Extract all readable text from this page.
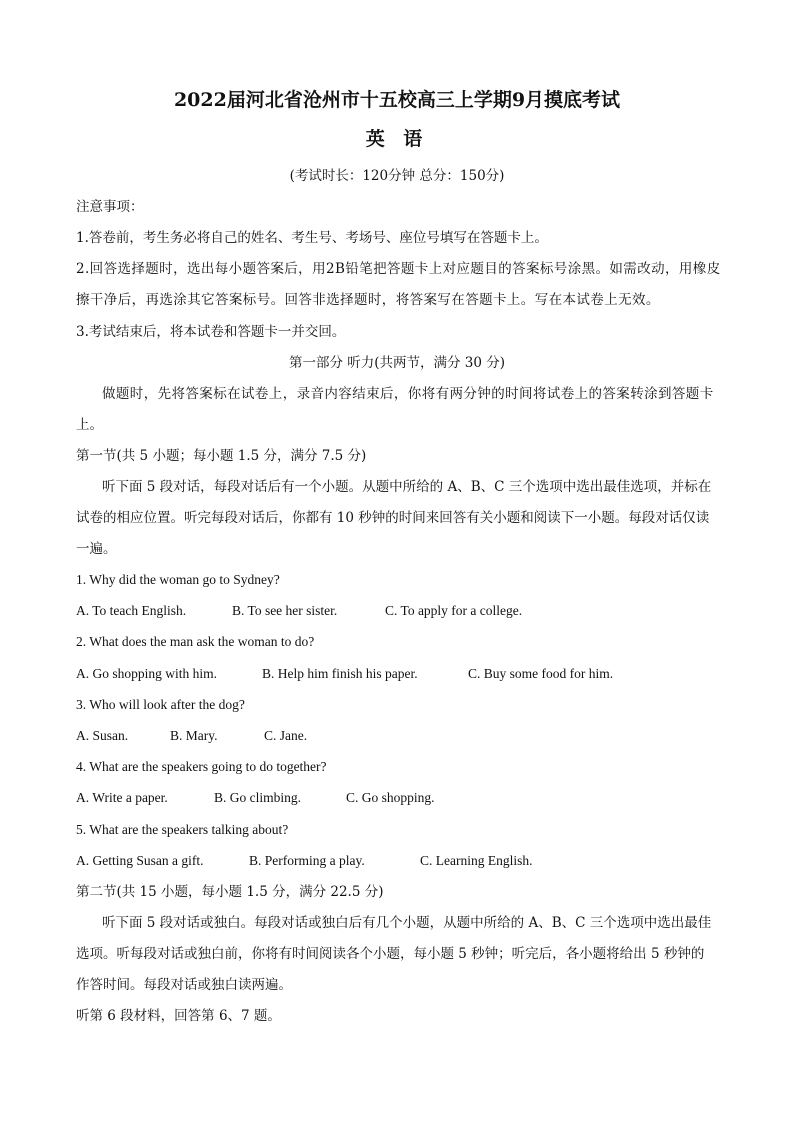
2022届河北省沧州市十五校高三上学期9月摸底考试
英 语
(考试时长：120分钟 总分：150分)
注意事项：
1.答卷前，考生务必将自己的姓名、考生号、考场号、座位号填写在答题卡上。
2.回答选择题时，选出每小题答案后，用2B铅笔把答题卡上对应题目的答案标号涂黑。如需改动，用橡皮
擦干净后，再选涂其它答案标号。回答非选择题时，将答案写在答题卡上。写在本试卷上无效。
3.考试结束后，将本试卷和答题卡一并交回。
第一部分 听力(共两节，满分 30 分)
做题时，先将答案标在试卷上，录音内容结束后，你将有两分钟的时间将试卷上的答案转涂到答题卡
上。
第一节(共 5 小题；每小题 1.5 分，满分 7.5 分)
听下面 5 段对话，每段对话后有一个小题。从题中所给的 A、B、C 三个选项中选出最佳选项，并标在
试卷的相应位置。听完每段对话后，你都有 10 秒钟的时间来回答有关小题和阅读下一小题。每段对话仅读
一遍。
1. Why did the woman go to Sydney?
A. To teach English.	B. To see her sister.	C. To apply for a college.
2. What does the man ask the woman to do?
A. Go shopping with him.	B. Help him finish his paper.	C. Buy some food for him.
3. Who will look after the dog?
A. Susan.	B. Mary.	C. Jane.
4. What are the speakers going to do together?
A. Write a paper.	B. Go climbing.	C. Go shopping.
5. What are the speakers talking about?
A. Getting Susan a gift.	B. Performing a play.	C. Learning English.
第二节(共 15 小题，每小题 1.5 分，满分 22.5 分)
听下面 5 段对话或独白。每段对话或独白后有几个小题，从题中所给的 A、B、C 三个选项中选出最佳
选项。听每段对话或独白前，你将有时间阅读各个小题，每小题 5 秒钟；听完后，各小题将给出 5 秒钟的
作答时间。每段对话或独白读两遍。
听第 6 段材料，回答第 6、7 题。
